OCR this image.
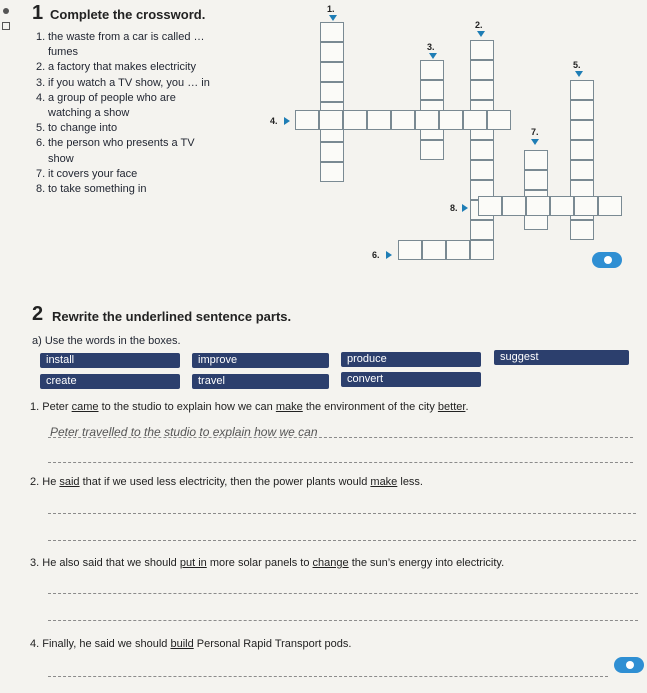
1 Complete the crossword.
1. the waste from a car is called … fumes
2. a factory that makes electricity
3. if you watch a TV show, you … in
4. a group of people who are watching a show
5. to change into
6. the person who presents a TV show
7. it covers your face
8. to take something in
1.
2.
3.
4.
5.
6.
7.
8.
2 Rewrite the underlined sentence parts.
a) Use the words in the boxes.
install	improve	produce	suggest
create	travel	convert
1. Peter came to the studio to explain how we can make the environment of the city better.
Peter travelled to the studio to explain how we can
2. He said that if we used less electricity, then the power plants would make less.
3. He also said that we should put in more solar panels to change the sun’s energy into electricity.
4. Finally, he said we should build Personal Rapid Transport pods.
